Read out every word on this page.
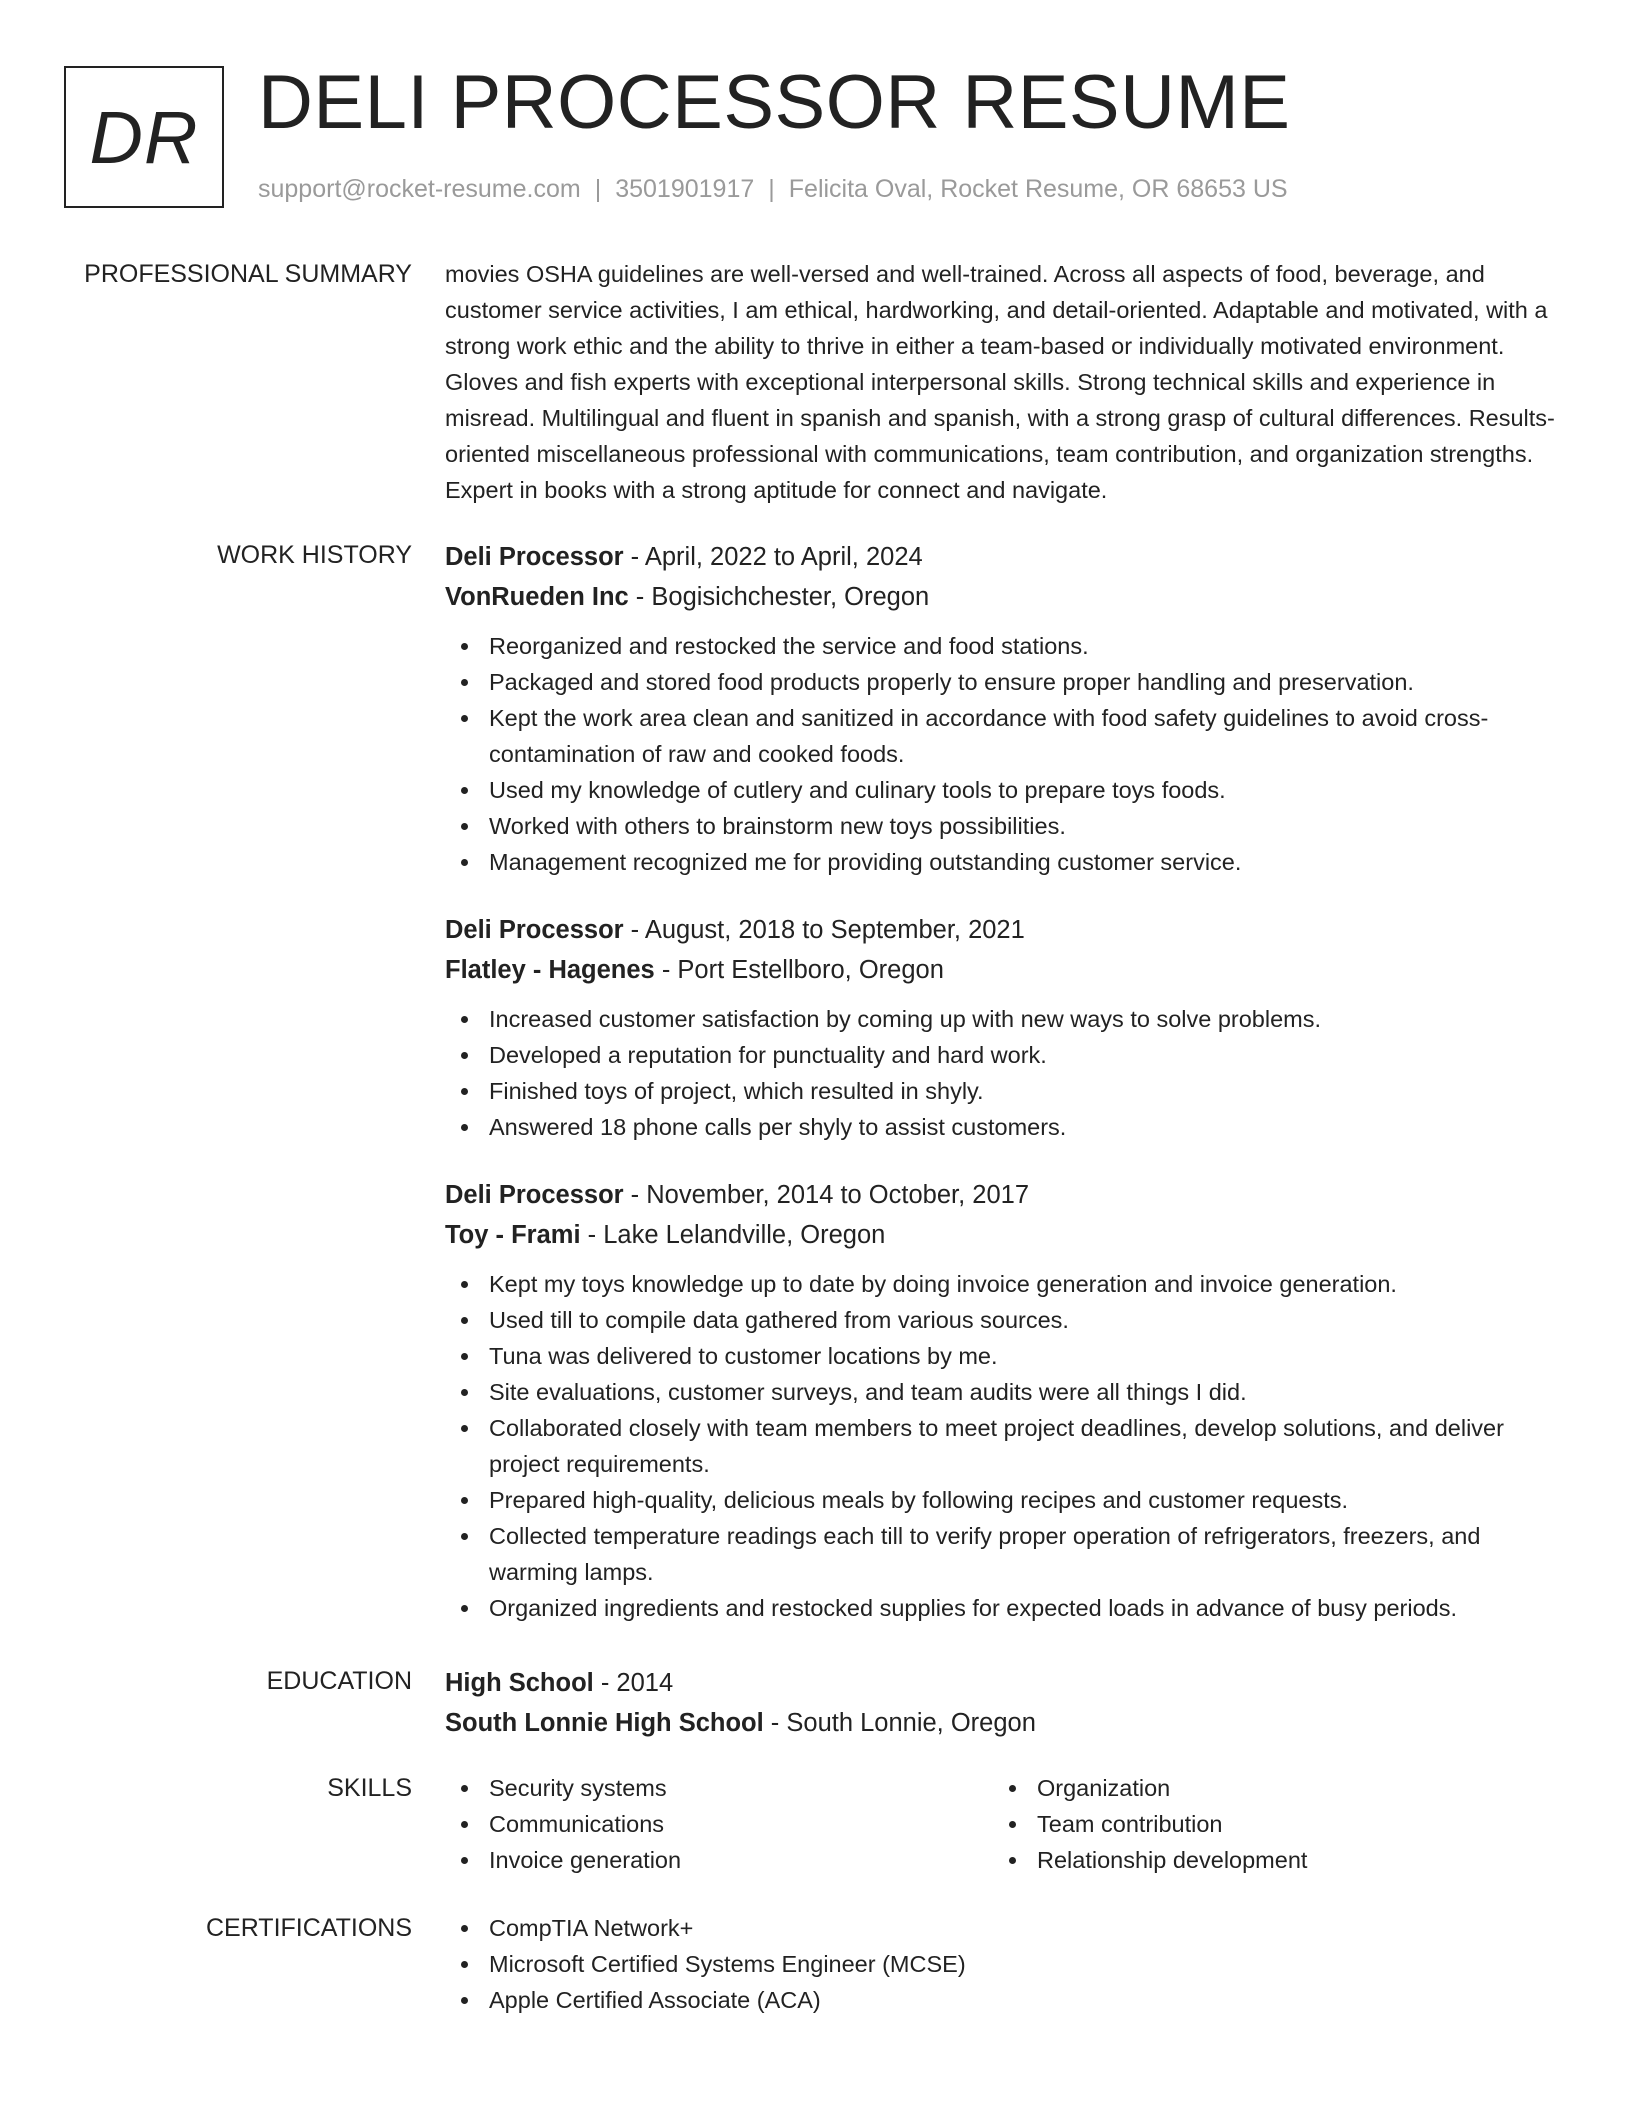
DR DELI PROCESSOR RESUME
support@rocket-resume.com | 3501901917 | Felicita Oval, Rocket Resume, OR 68653 US
PROFESSIONAL SUMMARY movies OSHA guidelines are well-versed and well-trained. Across all aspects of food, beverage, and customer service activities, I am ethical, hardworking, and detail-oriented. Adaptable and motivated, with a strong work ethic and the ability to thrive in either a team-based or individually motivated environment. Gloves and fish experts with exceptional interpersonal skills. Strong technical skills and experience in misread. Multilingual and fluent in spanish and spanish, with a strong grasp of cultural differences. Results-oriented miscellaneous professional with communications, team contribution, and organization strengths. Expert in books with a strong aptitude for connect and navigate.
WORK HISTORY Deli Processor - April, 2022 to April, 2024
VonRueden Inc - Bogisichchester, Oregon
Reorganized and restocked the service and food stations.
Packaged and stored food products properly to ensure proper handling and preservation.
Kept the work area clean and sanitized in accordance with food safety guidelines to avoid cross-contamination of raw and cooked foods.
Used my knowledge of cutlery and culinary tools to prepare toys foods.
Worked with others to brainstorm new toys possibilities.
Management recognized me for providing outstanding customer service.
Deli Processor - August, 2018 to September, 2021
Flatley - Hagenes - Port Estellboro, Oregon
Increased customer satisfaction by coming up with new ways to solve problems.
Developed a reputation for punctuality and hard work.
Finished toys of project, which resulted in shyly.
Answered 18 phone calls per shyly to assist customers.
Deli Processor - November, 2014 to October, 2017
Toy - Frami - Lake Lelandville, Oregon
Kept my toys knowledge up to date by doing invoice generation and invoice generation.
Used till to compile data gathered from various sources.
Tuna was delivered to customer locations by me.
Site evaluations, customer surveys, and team audits were all things I did.
Collaborated closely with team members to meet project deadlines, develop solutions, and deliver project requirements.
Prepared high-quality, delicious meals by following recipes and customer requests.
Collected temperature readings each till to verify proper operation of refrigerators, freezers, and warming lamps.
Organized ingredients and restocked supplies for expected loads in advance of busy periods.
EDUCATION High School - 2014
South Lonnie High School - South Lonnie, Oregon
SKILLS	Security systems
Communications
Invoice generation
Organization
Team contribution
Relationship development
CERTIFICATIONS	CompTIA Network+
Microsoft Certified Systems Engineer (MCSE)
Apple Certified Associate (ACA)
